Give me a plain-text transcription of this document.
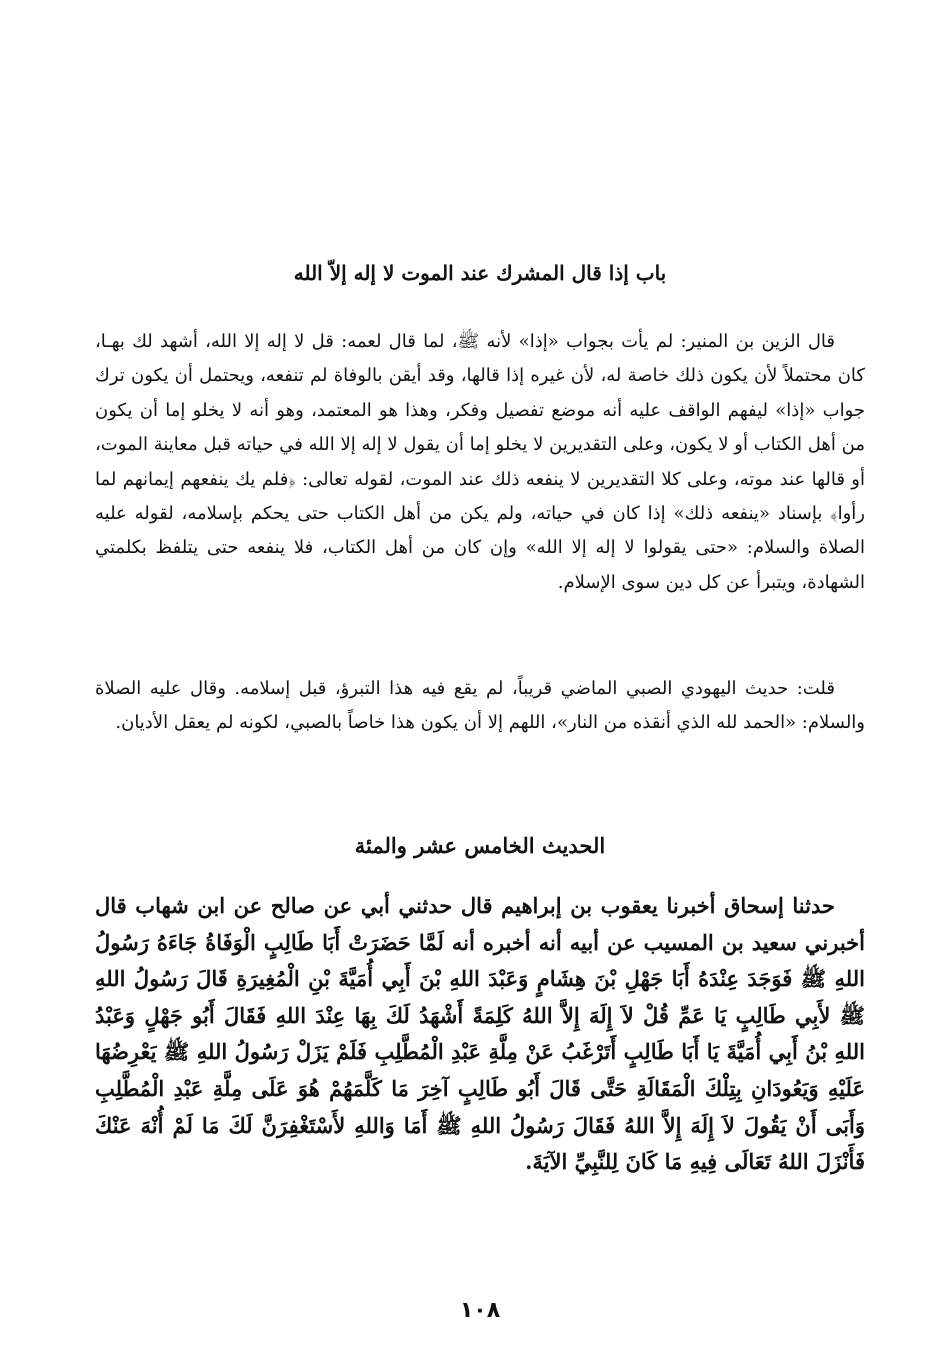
باب إذا قال المشرك عند الموت لا إله إلاّ الله

قال الزين بن المنير: لم يأت بجواب «إذا» لأنه ﷺ، لما قال لعمه: قل لا إله إلا الله، أشهد لك بهـا، كان محتملاً لأن يكون ذلك خاصة له، لأن غيره إذا قالها، وقد أيقن بالوفاة لم تنفعه، ويحتمل أن يكون ترك جواب «إذا» ليفهم الواقف عليه أنه موضع تفصيل وفكر، وهذا هو المعتمد، وهو أنه لا يخلو إما أن يكون من أهل الكتاب أو لا يكون، وعلى التقديرين لا يخلو إما أن يقول لا إله إلا الله في حياته قبل معاينة الموت، أو قالها عند موته، وعلى كلا التقديرين لا ينفعه ذلك عند الموت، لقوله تعالى: ﴿فلم يك ينفعهم إيمانهم لما رأوا﴾ بإسناد «ينفعه ذلك» إذا كان في حياته، ولم يكن من أهل الكتاب حتى يحكم بإسلامه، لقوله عليه الصلاة والسلام: «حتى يقولوا لا إله إلا الله» وإن كان من أهل الكتاب، فلا ينفعه حتى يتلفظ بكلمتي الشهادة، ويتبرأ عن كل دين سوى الإسلام.

قلت: حديث اليهودي الصبي الماضي قريباً، لم يقع فيه هذا التبرؤ، قبل إسلامه. وقال عليه الصلاة والسلام: «الحمد لله الذي أنقذه من النار»، اللهم إلا أن يكون هذا خاصاً بالصبي، لكونه لم يعقل الأديان.

الحديث الخامس عشر والمئة

حدثنا إسحاق أخبرنا يعقوب بن إبراهيم قال حدثني أبي عن صالح عن ابن شهاب قال أخبرني سعيد بن المسيب عن أبيه أنه أخبره أنه لَمَّا حَضَرَتْ أَبَا طَالِبٍ الْوَفَاةُ جَاءَهُ رَسُولُ اللهِ ﷺ فَوَجَدَ عِنْدَهُ أَبَا جَهْلِ بْنَ هِشَامٍ وَعَبْدَ اللهِ بْنَ أَبِي أُمَيَّةَ بْنِ الْمُغِيرَةِ قَالَ رَسُولُ اللهِ ﷺ لأَبِي طَالِبٍ يَا عَمِّ قُلْ لاَ إِلَهَ إِلاَّ اللهُ كَلِمَةً أَشْهَدُ لَكَ بِهَا عِنْدَ اللهِ فَقَالَ أَبُو جَهْلٍ وَعَبْدُ اللهِ بْنُ أَبِي أُمَيَّةَ يَا أَبَا طَالِبٍ أَتَرْغَبُ عَنْ مِلَّةِ عَبْدِ الْمُطَّلِبِ فَلَمْ يَزَلْ رَسُولُ اللهِ ﷺ يَعْرِضُهَا عَلَيْهِ وَيَعُودَانِ بِتِلْكَ الْمَقَالَةِ حَتَّى قَالَ أَبُو طَالِبٍ آخِرَ مَا كَلَّمَهُمْ هُوَ عَلَى مِلَّةِ عَبْدِ الْمُطَّلِبِ وَأَبَى أَنْ يَقُولَ لاَ إِلَهَ إِلاَّ اللهُ فَقَالَ رَسُولُ اللهِ ﷺ أَمَا وَاللهِ لأَسْتَغْفِرَنَّ لَكَ مَا لَمْ أُنْهَ عَنْكَ فَأَنْزَلَ اللهُ تَعَالَى فِيهِ مَا كَانَ لِلنَّبِيِّ الآيَةَ.

١٠٨
